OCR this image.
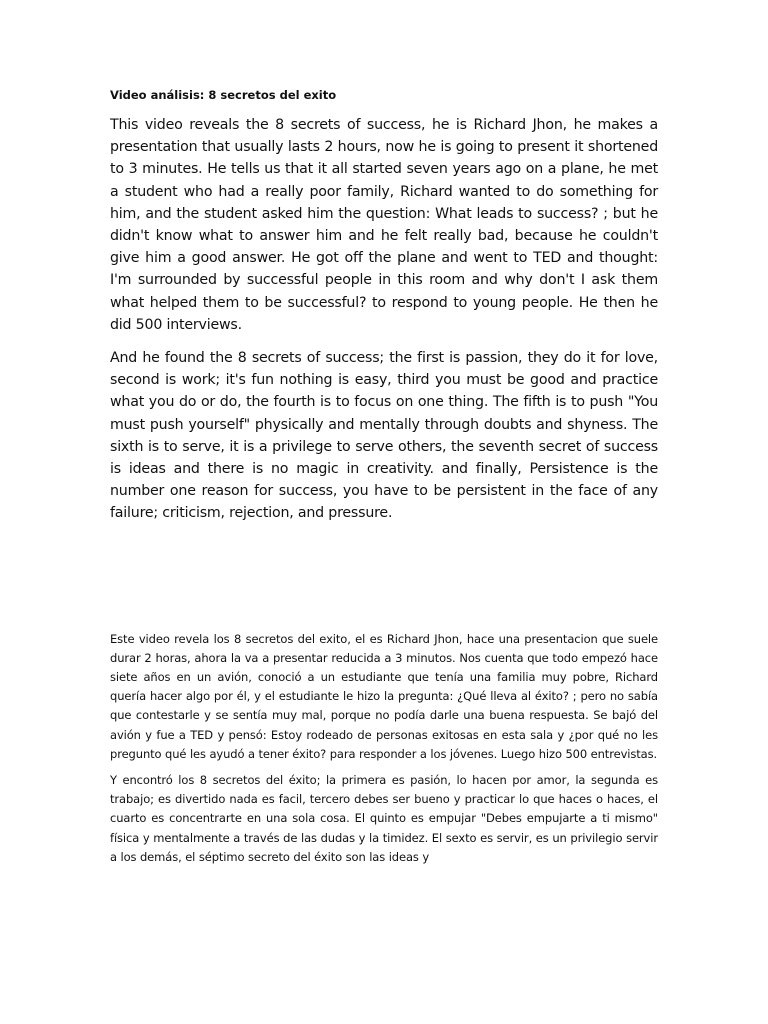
Video análisis: 8 secretos del exito

This video reveals the 8 secrets of success, he is Richard Jhon, he makes a presentation that usually lasts 2 hours, now he is going to present it shortened to 3 minutes. He tells us that it all started seven years ago on a plane, he met a student who had a really poor family, Richard wanted to do something for him, and the student asked him the question: What leads to success? ; but he didn't know what to answer him and he felt really bad, because he couldn't give him a good answer. He got off the plane and went to TED and thought: I'm surrounded by successful people in this room and why don't I ask them what helped them to be successful? to respond to young people. He then he did 500 interviews.

And he found the 8 secrets of success; the first is passion, they do it for love, second is work; it's fun nothing is easy, third you must be good and practice what you do or do, the fourth is to focus on one thing. The fifth is to push "You must push yourself" physically and mentally through doubts and shyness. The sixth is to serve, it is a privilege to serve others, the seventh secret of success is ideas and there is no magic in creativity. and finally, Persistence is the number one reason for success, you have to be persistent in the face of any failure; criticism, rejection, and pressure.

Este video revela los 8 secretos del exito, el es Richard Jhon, hace una presentacion que suele durar 2 horas, ahora la va a presentar reducida a 3 minutos. Nos cuenta que todo empezó hace siete años en un avión, conoció a un estudiante que tenía una familia muy pobre, Richard quería hacer algo por él, y el estudiante le hizo la pregunta: ¿Qué lleva al éxito? ; pero no sabía que contestarle y se sentía muy mal, porque no podía darle una buena respuesta. Se bajó del avión y fue a TED y pensó: Estoy rodeado de personas exitosas en esta sala y ¿por qué no les pregunto qué les ayudó a tener éxito? para responder a los jóvenes. Luego hizo 500 entrevistas.

Y encontró los 8 secretos del éxito; la primera es pasión, lo hacen por amor, la segunda es trabajo; es divertido nada es facil, tercero debes ser bueno y practicar lo que haces o haces, el cuarto es concentrarte en una sola cosa. El quinto es empujar "Debes empujarte a ti mismo" física y mentalmente a través de las dudas y la timidez. El sexto es servir, es un privilegio servir a los demás, el séptimo secreto del éxito son las ideas y
